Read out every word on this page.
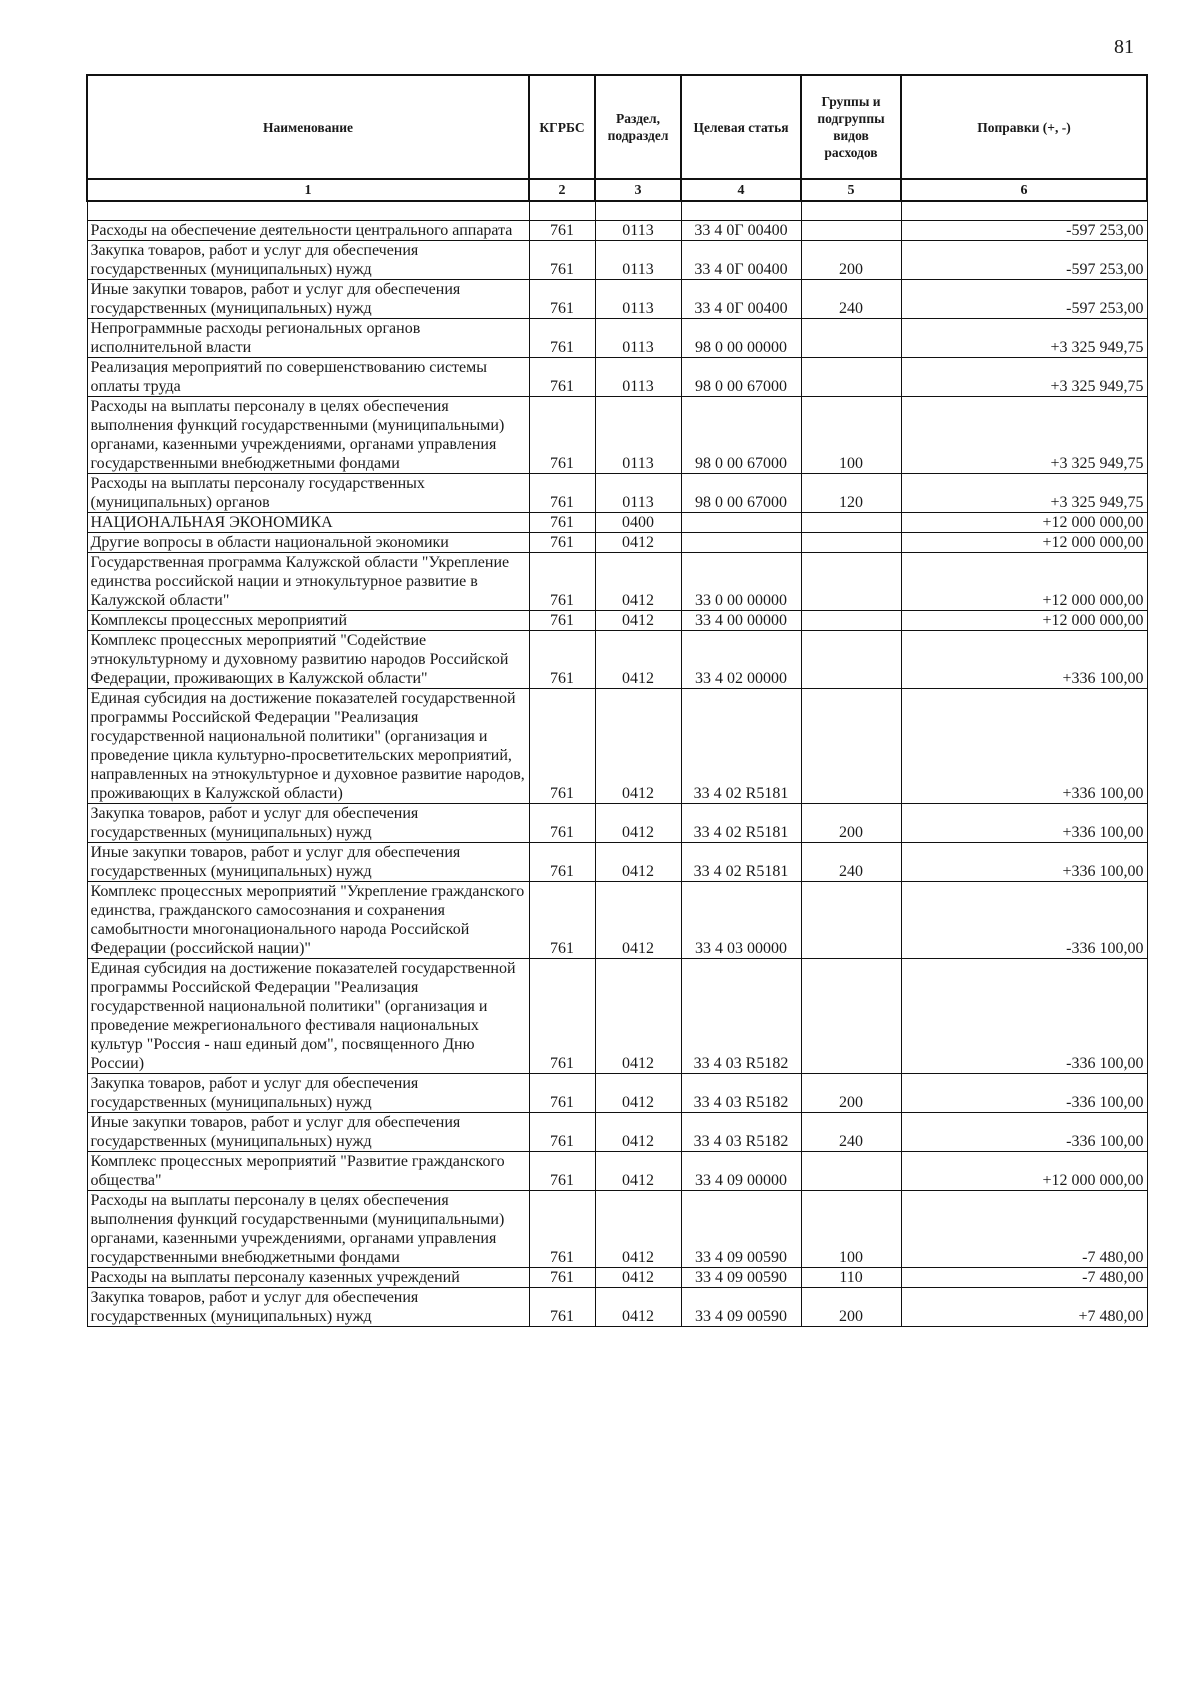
81
Наименование	КГРБС	Раздел, подраздел	Целевая статья	Группы и подгруппы видов расходов	Поправки (+, -)
1	2	3	4	5	6

Расходы на обеспечение деятельности центрального аппарата	761	0113	33 4 0Г 00400		-597 253,00
Закупка товаров, работ и услуг для обеспечения государственных (муниципальных) нужд	761	0113	33 4 0Г 00400	200	-597 253,00
Иные закупки товаров, работ и услуг для обеспечения государственных (муниципальных) нужд	761	0113	33 4 0Г 00400	240	-597 253,00
Непрограммные расходы региональных органов исполнительной власти	761	0113	98 0 00 00000		+3 325 949,75
Реализация мероприятий по совершенствованию системы оплаты труда	761	0113	98 0 00 67000		+3 325 949,75
Расходы на выплаты персоналу в целях обеспечения выполнения функций государственными (муниципальными) органами, казенными учреждениями, органами управления государственными внебюджетными фондами	761	0113	98 0 00 67000	100	+3 325 949,75
Расходы на выплаты персоналу государственных (муниципальных) органов	761	0113	98 0 00 67000	120	+3 325 949,75
НАЦИОНАЛЬНАЯ ЭКОНОМИКА	761	0400			+12 000 000,00
Другие вопросы в области национальной экономики	761	0412			+12 000 000,00
Государственная программа Калужской области "Укрепление единства российской нации и этнокультурное развитие в Калужской области"	761	0412	33 0 00 00000		+12 000 000,00
Комплексы процессных мероприятий	761	0412	33 4 00 00000		+12 000 000,00
Комплекс процессных мероприятий "Содействие этнокультурному и духовному развитию народов Российской Федерации, проживающих в Калужской области"	761	0412	33 4 02 00000		+336 100,00
Единая субсидия на достижение показателей государственной программы Российской Федерации "Реализация государственной национальной политики" (организация и проведение цикла культурно-просветительских мероприятий, направленных на этнокультурное и духовное развитие народов, проживающих в Калужской области)	761	0412	33 4 02 R5181		+336 100,00
Закупка товаров, работ и услуг для обеспечения государственных (муниципальных) нужд	761	0412	33 4 02 R5181	200	+336 100,00
Иные закупки товаров, работ и услуг для обеспечения государственных (муниципальных) нужд	761	0412	33 4 02 R5181	240	+336 100,00
Комплекс процессных мероприятий "Укрепление гражданского единства, гражданского самосознания и сохранения самобытности многонационального народа Российской Федерации (российской нации)"	761	0412	33 4 03 00000		-336 100,00
Единая субсидия на достижение показателей государственной программы Российской Федерации "Реализация государственной национальной политики" (организация и проведение межрегионального фестиваля национальных культур "Россия - наш единый дом", посвященного Дню России)	761	0412	33 4 03 R5182		-336 100,00
Закупка товаров, работ и услуг для обеспечения государственных (муниципальных) нужд	761	0412	33 4 03 R5182	200	-336 100,00
Иные закупки товаров, работ и услуг для обеспечения государственных (муниципальных) нужд	761	0412	33 4 03 R5182	240	-336 100,00
Комплекс процессных мероприятий "Развитие гражданского общества"	761	0412	33 4 09 00000		+12 000 000,00
Расходы на выплаты персоналу в целях обеспечения выполнения функций государственными (муниципальными) органами, казенными учреждениями, органами управления государственными внебюджетными фондами	761	0412	33 4 09 00590	100	-7 480,00
Расходы на выплаты персоналу казенных учреждений	761	0412	33 4 09 00590	110	-7 480,00
Закупка товаров, работ и услуг для обеспечения государственных (муниципальных) нужд	761	0412	33 4 09 00590	200	+7 480,00
